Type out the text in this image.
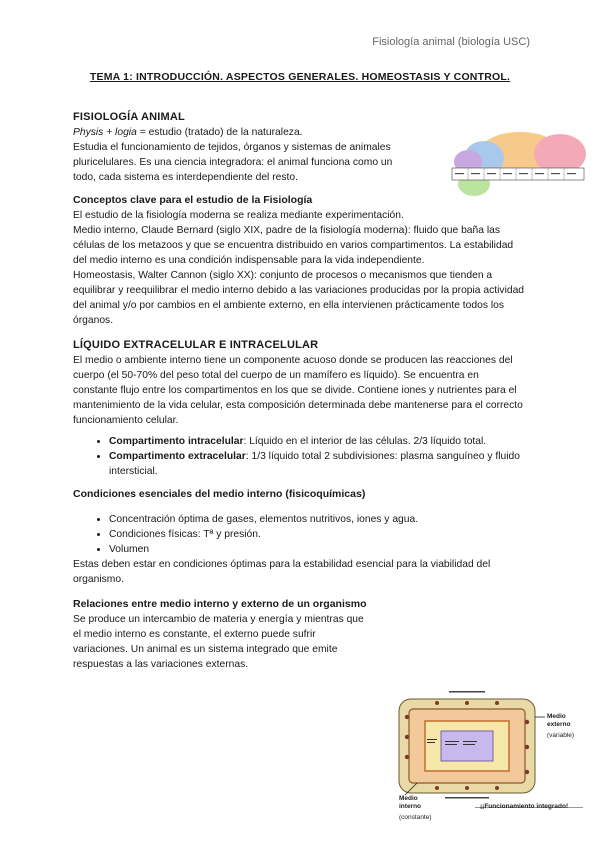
Fisiología animal (biología USC)
TEMA 1: INTRODUCCIÓN. ASPECTOS GENERALES. HOMEOSTASIS Y CONTROL.
FISIOLOGÍA ANIMAL

Physis + logia = estudio (tratado) de la naturaleza.

Estudia el funcionamiento de tejidos, órganos y sistemas de animales pluricelulares. Es una ciencia integradora: el animal funciona como un todo, cada sistema es interdependiente del resto.

Conceptos clave para el estudio de la Fisiología

El estudio de la fisiología moderna se realiza mediante experimentación.

Medio interno, Claude Bernard (siglo XIX, padre de la fisiología moderna): fluido que baña las células de los metazoos y que se encuentra distribuido en varios compartimentos. La estabilidad del medio interno es una condición indispensable para la vida independiente.

Homeostasis, Walter Cannon (siglo XX): conjunto de procesos o mecanismos que tienden a equilibrar y reequilibrar el medio interno debido a las variaciones producidas por la propia actividad del animal y/o por cambios en el ambiente externo, en ella intervienen prácticamente todos los órganos.

LÍQUIDO EXTRACELULAR E INTRACELULAR

El medio o ambiente interno tiene un componente acuoso donde se producen las reacciones del cuerpo (el 50-70% del peso total del cuerpo de un mamífero es líquido). Se encuentra en constante flujo entre los compartimentos en los que se divide. Contiene iones y nutrientes para el mantenimiento de la vida celular, esta composición determinada debe mantenerse para el correcto funcionamiento celular.

• Compartimento intracelular: Líquido en el interior de las células. 2/3 líquido total.
• Compartimento extracelular: 1/3 líquido total 2 subdivisiones: plasma sanguíneo y fluido intersticial.
Condiciones esenciales del medio interno (fisicoquímicas)
• Concentración óptima de gases, elementos nutritivos, iones y agua.
• Condiciones físicas: Tª y presión.
• Volumen

Estas deben estar en condiciones óptimas para la estabilidad esencial para la viabilidad del organismo.

Relaciones entre medio interno y externo de un organismo

Se produce un intercambio de materia y energía y mientras que el medio interno es constante, el externo puede sufrir variaciones. Un animal es un sistema integrado que emite respuestas a las variaciones externas.

Medio externo
(variable)
Medio interno
(constante)
¡¡Funcionamiento integrado!
